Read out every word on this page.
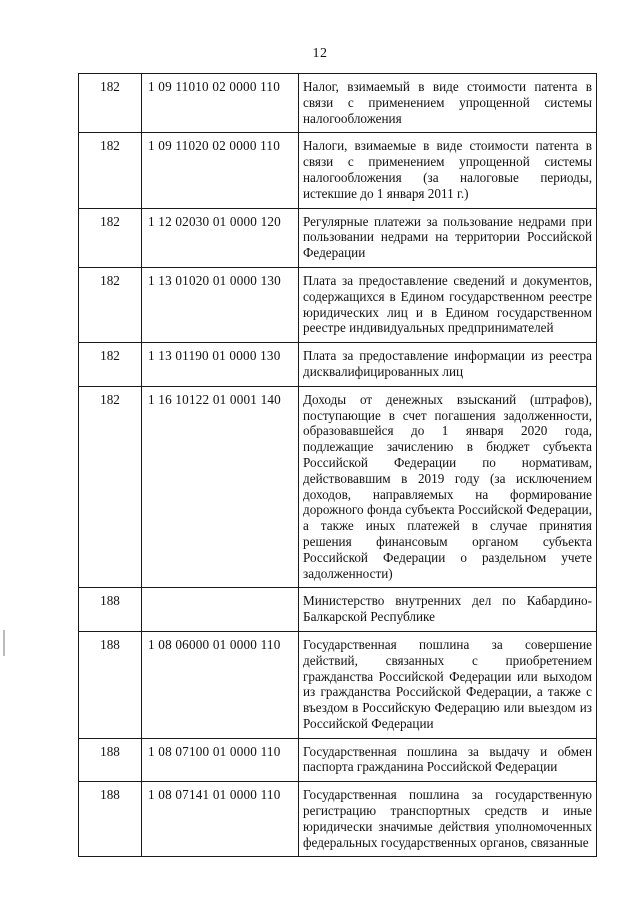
12
182	1 09 11010 02 0000 110	Налог, взимаемый в виде стоимости патента в связи с применением упрощенной системы налогообложения
182	1 09 11020 02 0000 110	Налоги, взимаемые в виде стоимости патента в связи с применением упрощенной системы налогообложения (за налоговые периоды, истекшие до 1 января 2011 г.)
182	1 12 02030 01 0000 120	Регулярные платежи за пользование недрами при пользовании недрами на территории Российской Федерации
182	1 13 01020 01 0000 130	Плата за предоставление сведений и документов, содержащихся в Едином государственном реестре юридических лиц и в Едином государственном реестре индивидуальных предпринимателей
182	1 13 01190 01 0000 130	Плата за предоставление информации из реестра дисквалифицированных лиц
182	1 16 10122 01 0001 140	Доходы от денежных взысканий (штрафов), поступающие в счет погашения задолженности, образовавшейся до 1 января 2020 года, подлежащие зачислению в бюджет субъекта Российской Федерации по нормативам, действовавшим в 2019 году (за исключением доходов, направляемых на формирование дорожного фонда субъекта Российской Федерации, а также иных платежей в случае принятия решения финансовым органом субъекта Российской Федерации о раздельном учете задолженности)
188		Министерство внутренних дел по Кабардино-Балкарской Республике
188	1 08 06000 01 0000 110	Государственная пошлина за совершение действий, связанных с приобретением гражданства Российской Федерации или выходом из гражданства Российской Федерации, а также с въездом в Российскую Федерацию или выездом из Российской Федерации
188	1 08 07100 01 0000 110	Государственная пошлина за выдачу и обмен паспорта гражданина Российской Федерации
188	1 08 07141 01 0000 110	Государственная пошлина за государственную регистрацию транспортных средств и иные юридически значимые действия уполномоченных федеральных государственных органов, связанные
